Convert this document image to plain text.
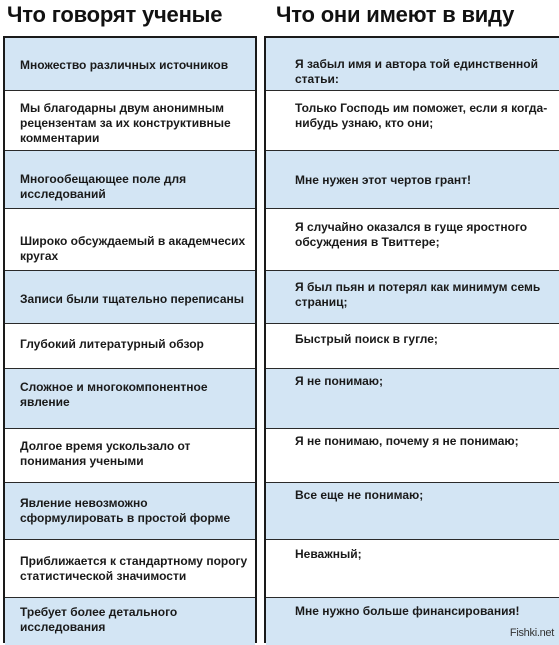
Что говорят ученые Что они имеют в виду
Множество различных источников
Мы благодарны двум анонимным рецензентам за их конструктивные комментарии
Многообещающее поле для исследований
Широко обсуждаемый в академчесих кругах
Записи были тщательно переписаны
Глубокий литературный обзор
Сложное и многокомпонентное явление
Долгое время ускользало от понимания учеными
Явление невозможно сформулировать в простой форме
Приближается к стандартному порогу статистической значимости
Требует более детального исследования
Я забыл имя и автора той единственной статьи:
Только Господь им поможет, если я когда-нибудь узнаю, кто они;
Мне нужен этот чертов грант!
Я случайно оказался в гуще яростного обсуждения в Твиттере;
Я был пьян и потерял как минимум семь страниц;
Быстрый поиск в гугле;
Я не понимаю;
Я не понимаю, почему я не понимаю;
Все еще не понимаю;
Неважный;
Мне нужно больше финансирования!
Fishki.net
